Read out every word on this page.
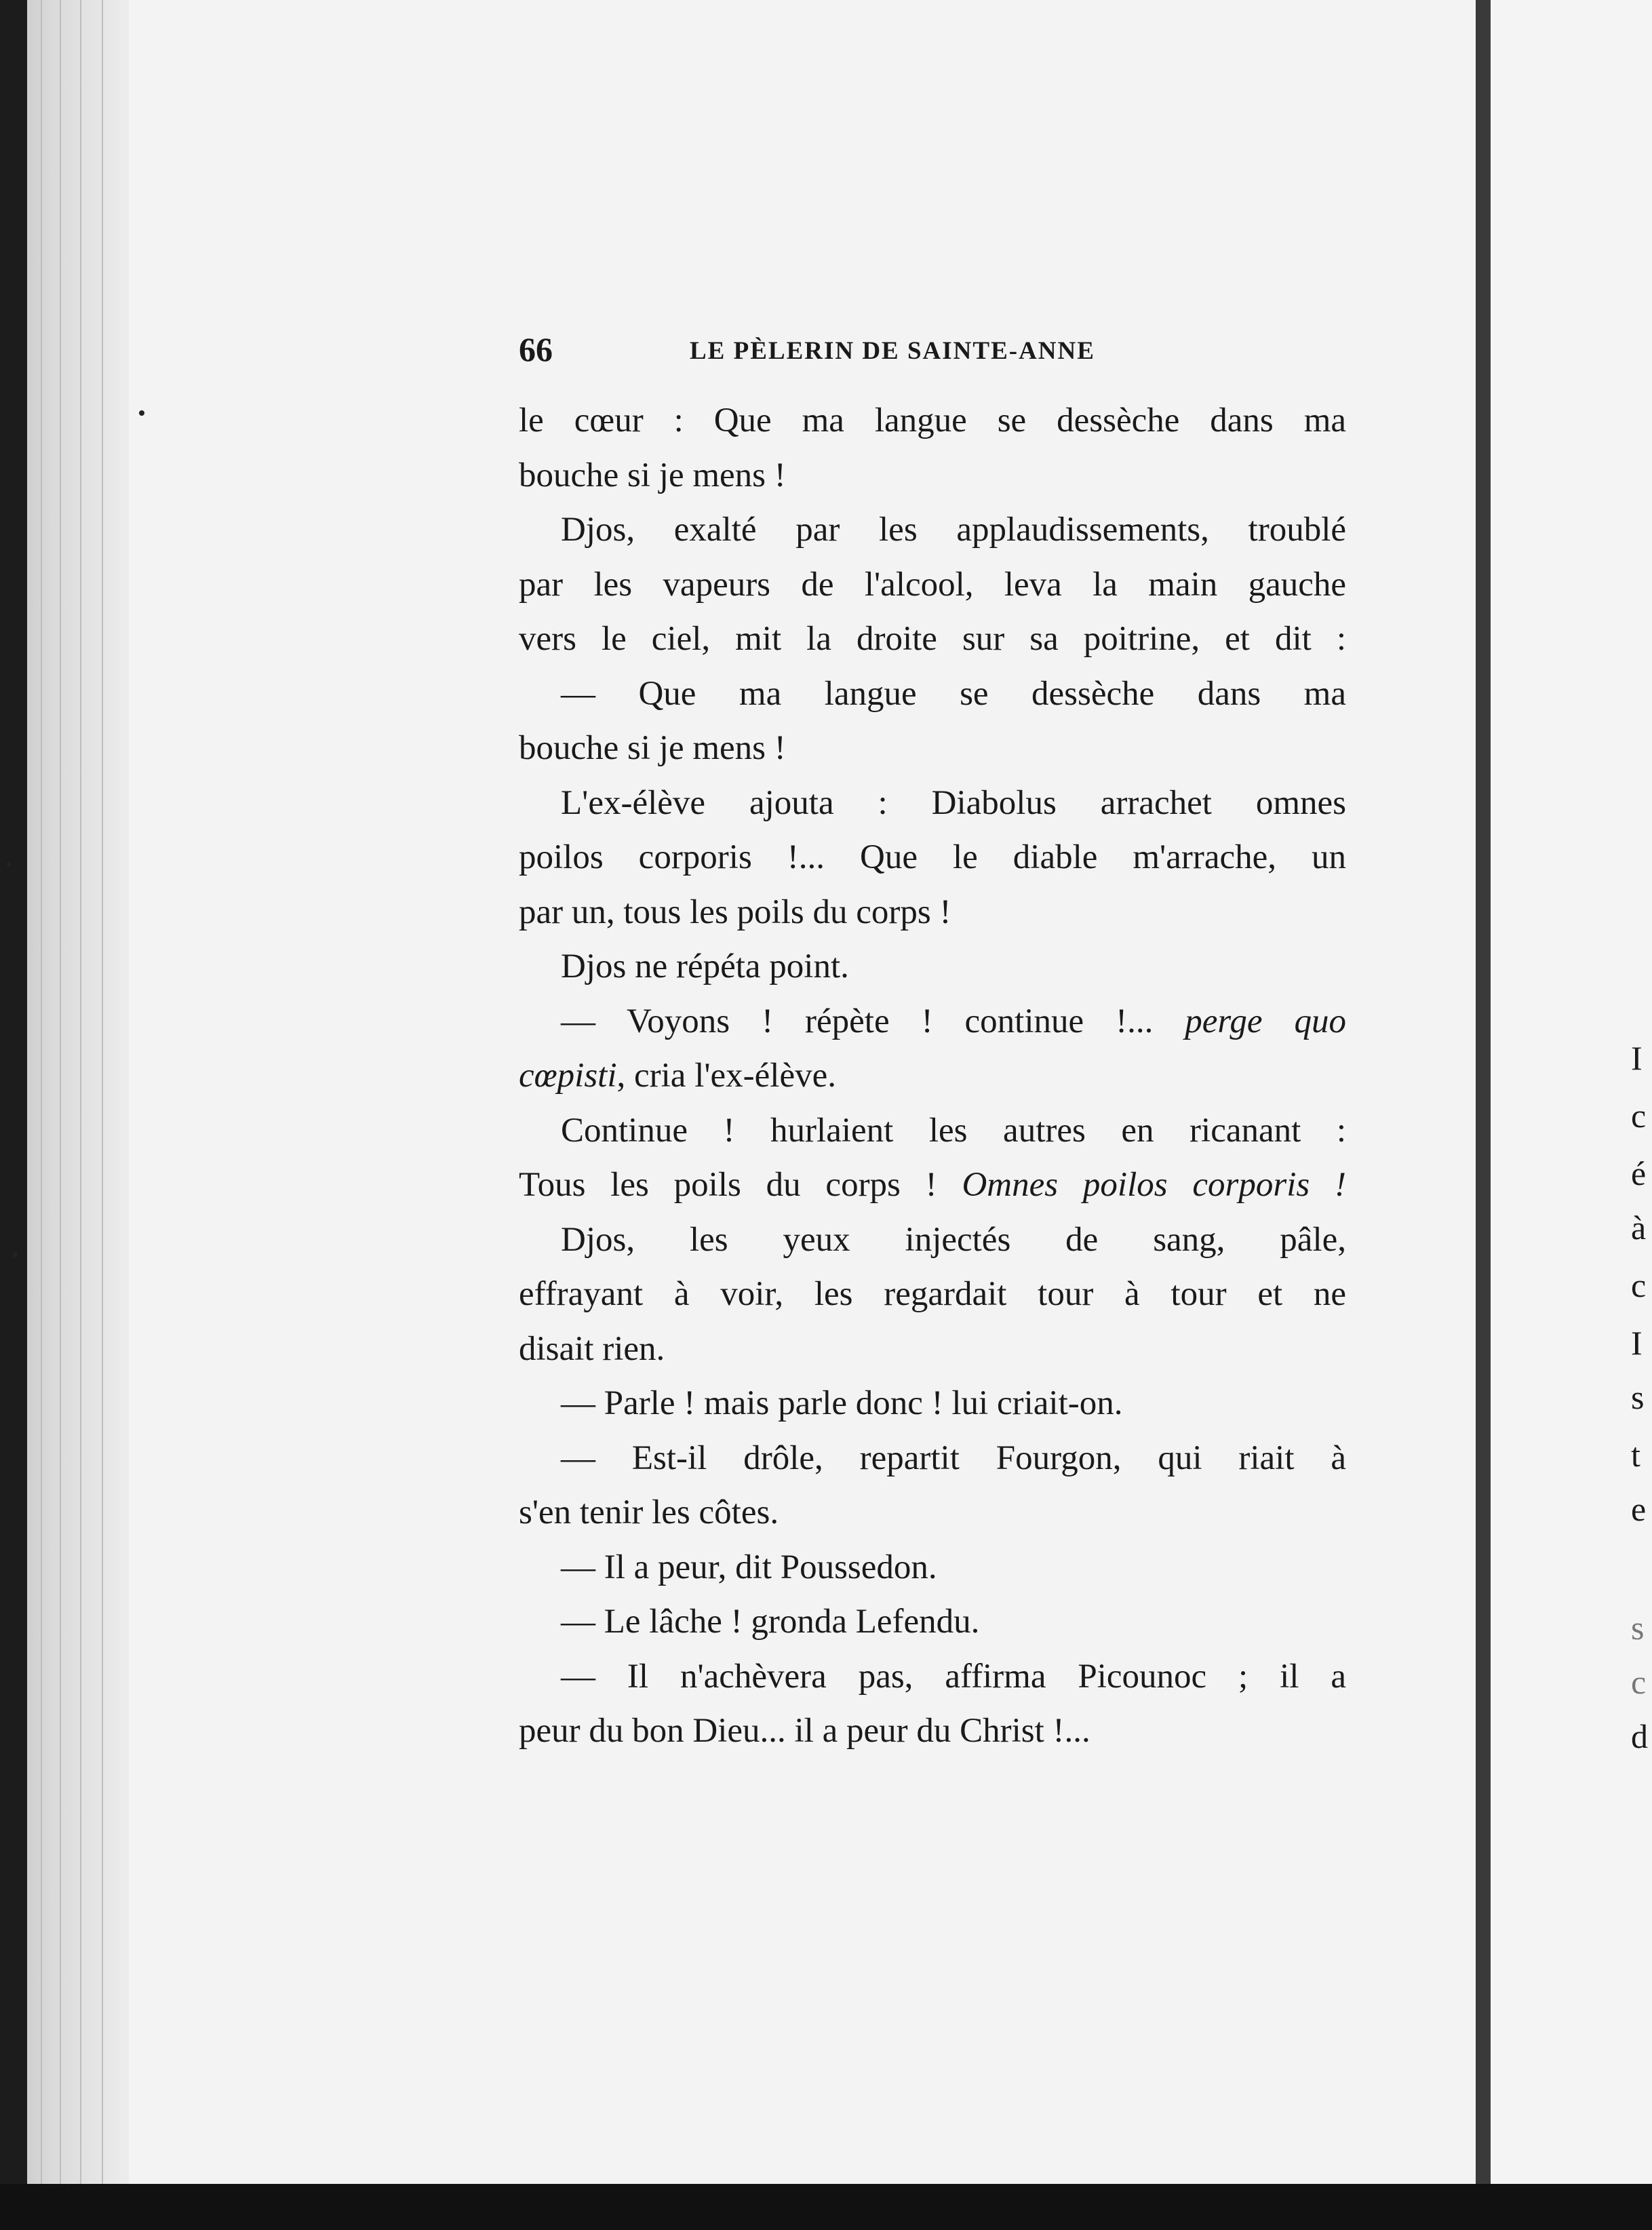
66	LE PÈLERIN DE SAINTE-ANNE
le cœur : Que ma langue se dessèche dans ma
bouche si je mens !
Djos, exalté par les applaudissements, troublé
par les vapeurs de l'alcool, leva la main gauche
vers le ciel, mit la droite sur sa poitrine, et dit :
— Que ma langue se dessèche dans ma
bouche si je mens !
L'ex-élève ajouta : Diabolus arrachet omnes
poilos corporis !... Que le diable m'arrache, un
par un, tous les poils du corps !
Djos ne répéta point.
— Voyons ! répète ! continue !... perge quo
cœpisti, cria l'ex-élève.
Continue ! hurlaient les autres en ricanant :
Tous les poils du corps ! Omnes poilos corporis !
Djos, les yeux injectés de sang, pâle,
effrayant à voir, les regardait tour à tour et ne
disait rien.
— Parle ! mais parle donc ! lui criait-on.
— Est-il drôle, repartit Fourgon, qui riait à
s'en tenir les côtes.
— Il a peur, dit Poussedon.
— Le lâche ! gronda Lefendu.
— Il n'achèvera pas, affirma Picounoc ; il a
peur du bon Dieu... il a peur du Christ !...
I
c
é
à
c
I
s
t
e
s
c
d
